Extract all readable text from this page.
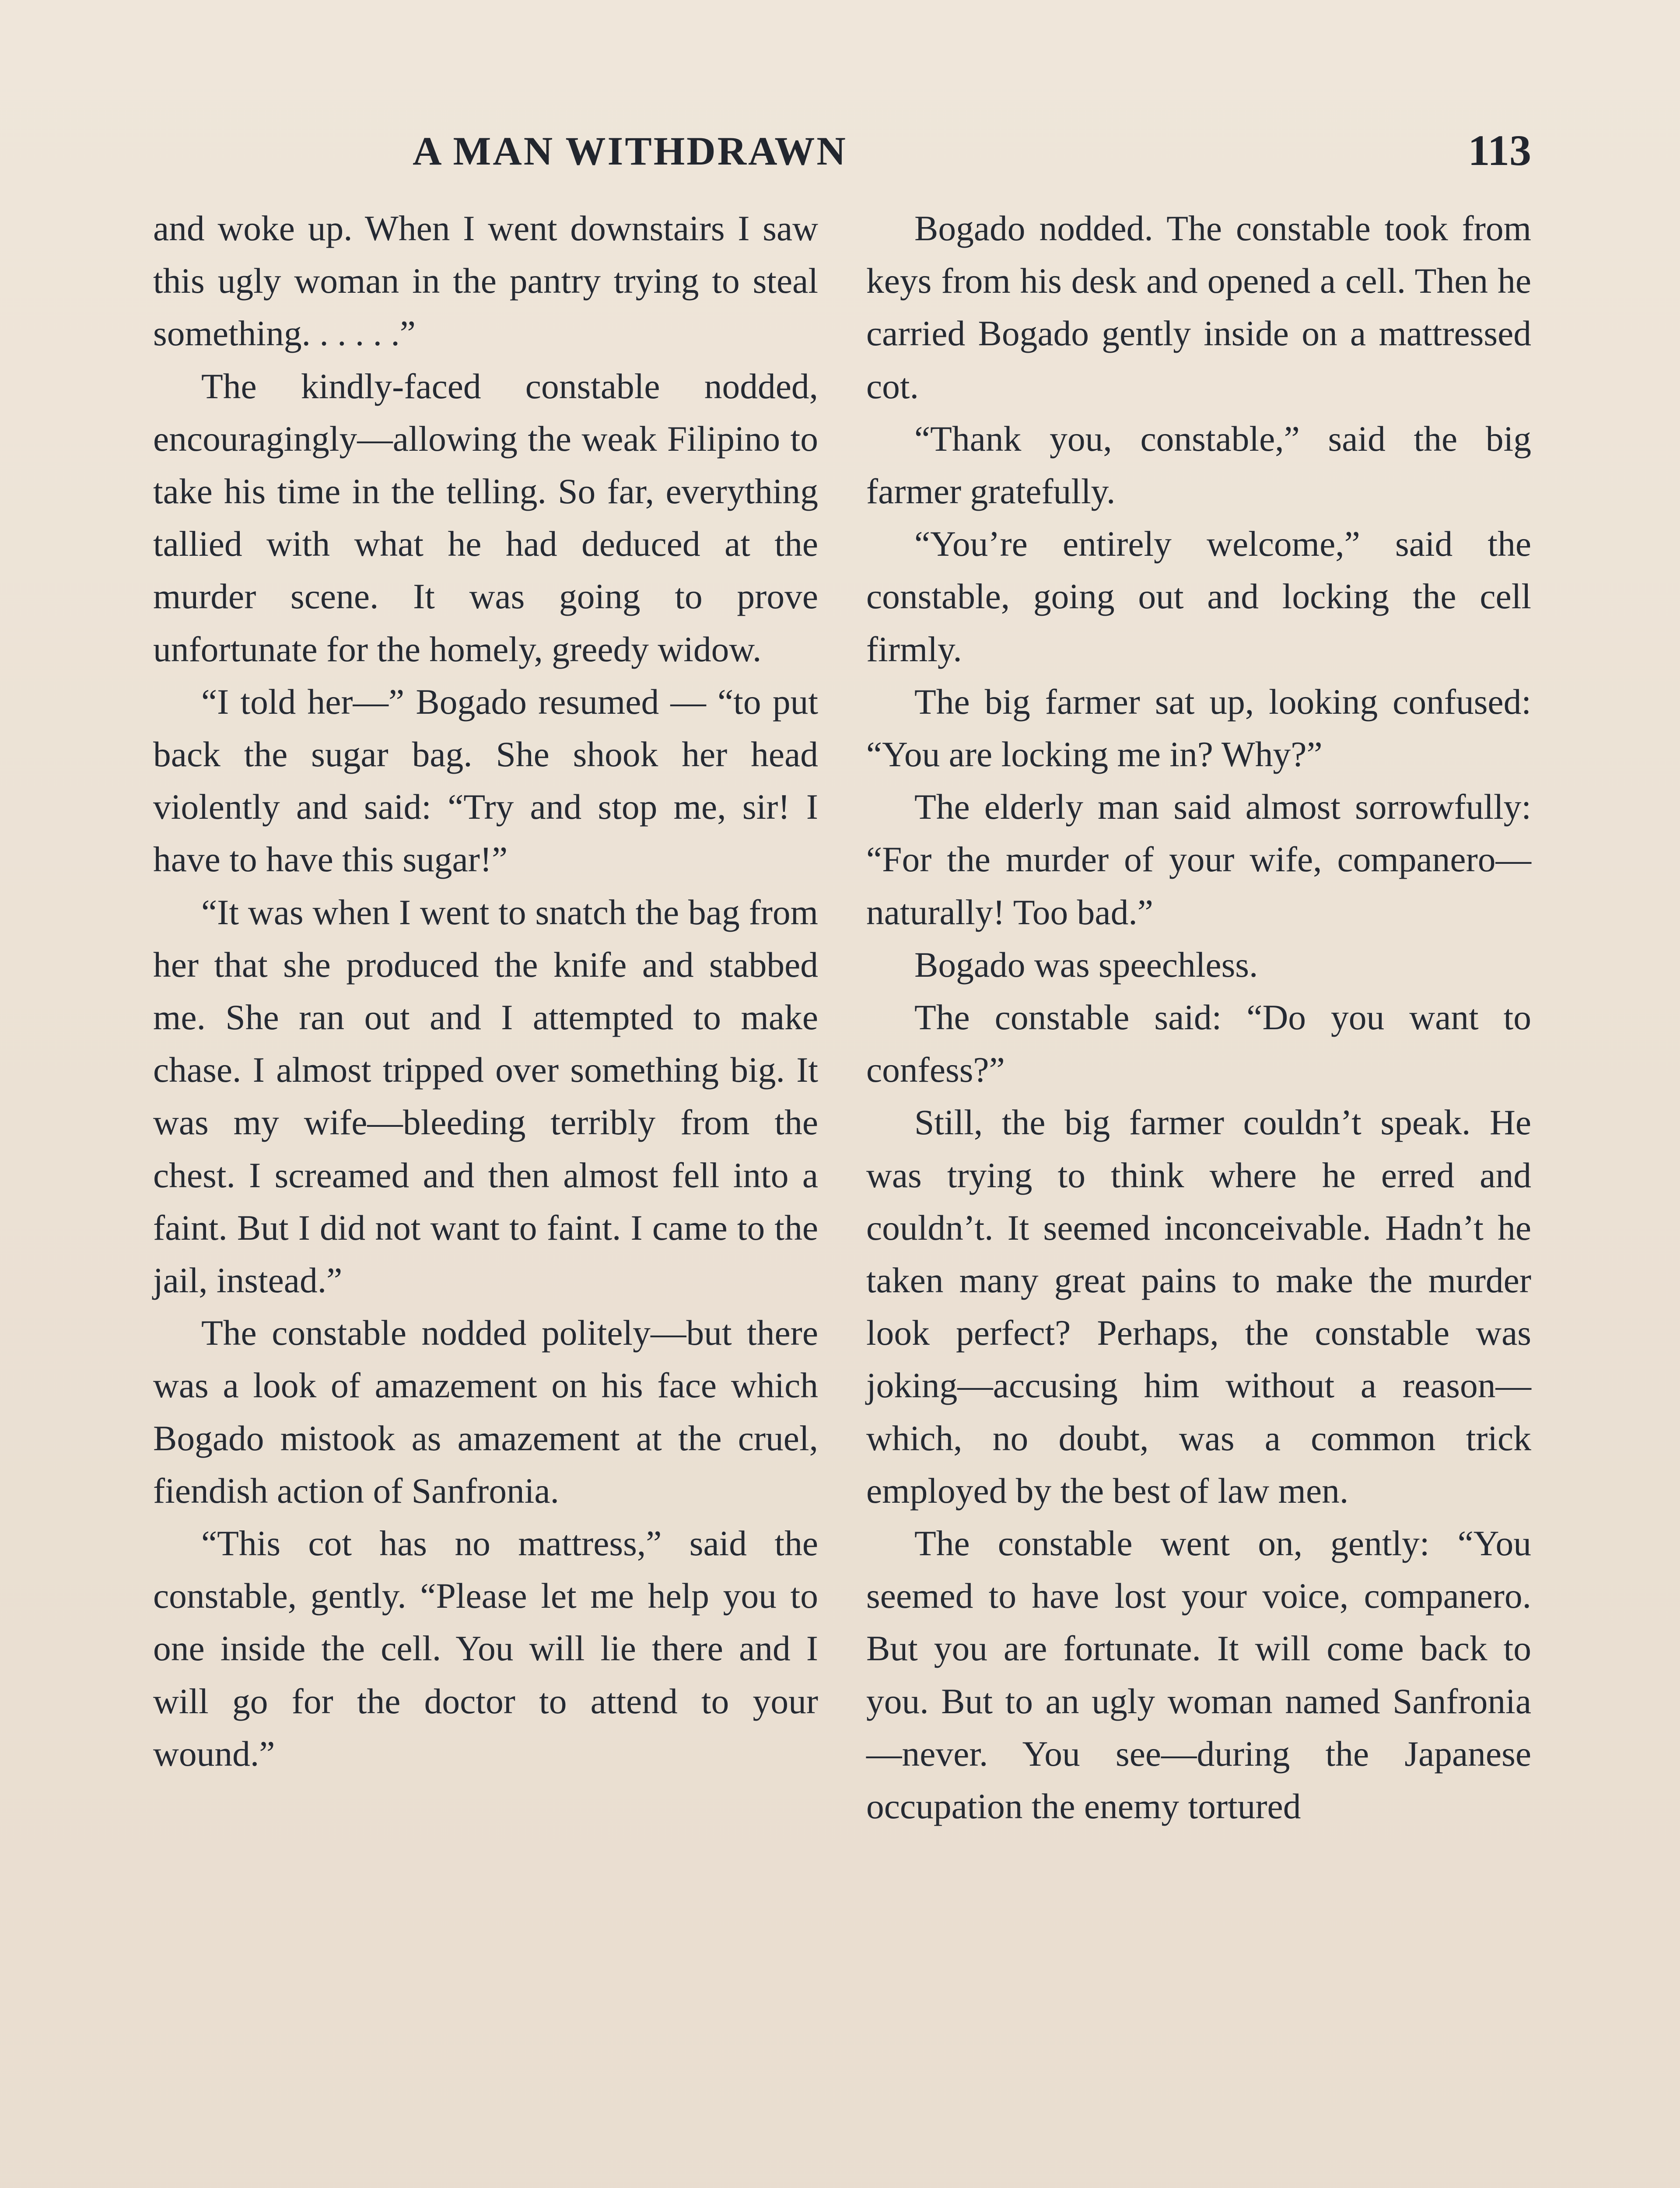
A MAN WITHDRAWN	113

and woke up. When I went downstairs I saw this ugly woman in the pantry trying to steal something. . . . . .”

The kindly-faced constable nodded, encouragingly—allowing the weak Filipino to take his time in the telling. So far, everything tallied with what he had deduced at the murder scene. It was going to prove unfortunate for the homely, greedy widow.

“I told her—” Bogado resumed — “to put back the sugar bag. She shook her head violently and said: “Try and stop me, sir! I have to have this sugar!”

“It was when I went to snatch the bag from her that she produced the knife and stabbed me. She ran out and I attempted to make chase. I almost tripped over something big. It was my wife—bleeding terribly from the chest. I screamed and then almost fell into a faint. But I did not want to faint. I came to the jail, instead.”

The constable nodded politely—but there was a look of amazement on his face which Bogado mistook as amazement at the cruel, fiendish action of Sanfronia.

“This cot has no mattress,” said the constable, gently. “Please let me help you to one inside the cell. You will lie there and I will go for the doctor to attend to your wound.”

Bogado nodded. The constable took from keys from his desk and opened a cell. Then he carried Bogado gently inside on a mattressed cot.

“Thank you, constable,” said the big farmer gratefully.

“You’re entirely welcome,” said the constable, going out and locking the cell firmly.

The big farmer sat up, looking confused: “You are locking me in? Why?”

The elderly man said almost sorrowfully: “For the murder of your wife, companero—naturally! Too bad.”

Bogado was speechless.

The constable said: “Do you want to confess?”

Still, the big farmer couldn’t speak. He was trying to think where he erred and couldn’t. It seemed inconceivable. Hadn’t he taken many great pains to make the murder look perfect? Perhaps, the constable was joking—accusing him without a reason—which, no doubt, was a common trick employed by the best of law men.

The constable went on, gently: “You seemed to have lost your voice, companero. But you are fortunate. It will come back to you. But to an ugly woman named Sanfronia —never. You see—during the Japanese occupation the enemy tortured
